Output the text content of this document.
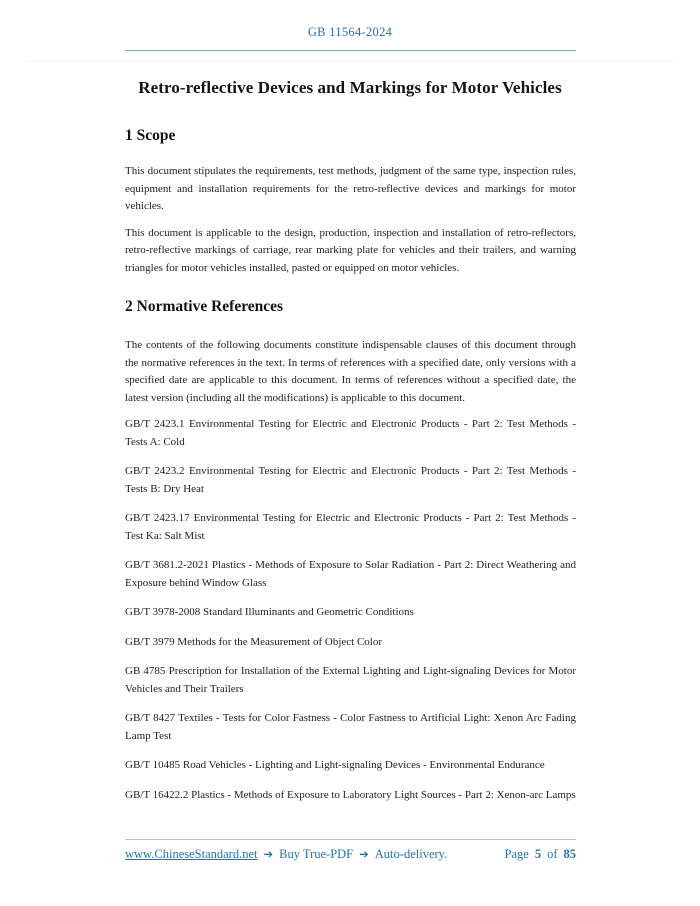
GB 11564-2024
Retro-reflective Devices and Markings for Motor Vehicles
1 Scope

This document stipulates the requirements, test methods, judgment of the same type, inspection rules, equipment and installation requirements for the retro-reflective devices and markings for motor vehicles.

This document is applicable to the design, production, inspection and installation of retro-reflectors, retro-reflective markings of carriage, rear marking plate for vehicles and their trailers, and warning triangles for motor vehicles installed, pasted or equipped on motor vehicles.

2 Normative References

The contents of the following documents constitute indispensable clauses of this document through the normative references in the text. In terms of references with a specified date, only versions with a specified date are applicable to this document. In terms of references without a specified date, the latest version (including all the modifications) is applicable to this document.

GB/T 2423.1 Environmental Testing for Electric and Electronic Products - Part 2: Test Methods - Tests A: Cold

GB/T 2423.2 Environmental Testing for Electric and Electronic Products - Part 2: Test Methods - Tests B: Dry Heat

GB/T 2423.17 Environmental Testing for Electric and Electronic Products - Part 2: Test Methods - Test Ka: Salt Mist

GB/T 3681.2-2021 Plastics - Methods of Exposure to Solar Radiation - Part 2: Direct Weathering and Exposure behind Window Glass

GB/T 3978-2008 Standard Illuminants and Geometric Conditions

GB/T 3979 Methods for the Measurement of Object Color

GB 4785 Prescription for Installation of the External Lighting and Light-signaling Devices for Motor Vehicles and Their Trailers

GB/T 8427 Textiles - Tests for Color Fastness - Color Fastness to Artificial Light: Xenon Arc Fading Lamp Test

GB/T 10485 Road Vehicles - Lighting and Light-signaling Devices - Environmental Endurance

GB/T 16422.2 Plastics - Methods of Exposure to Laboratory Light Sources - Part 2: Xenon-arc Lamps

www.ChineseStandard.net ➔ Buy True-PDF ➔ Auto-delivery.	Page 5 of 85
